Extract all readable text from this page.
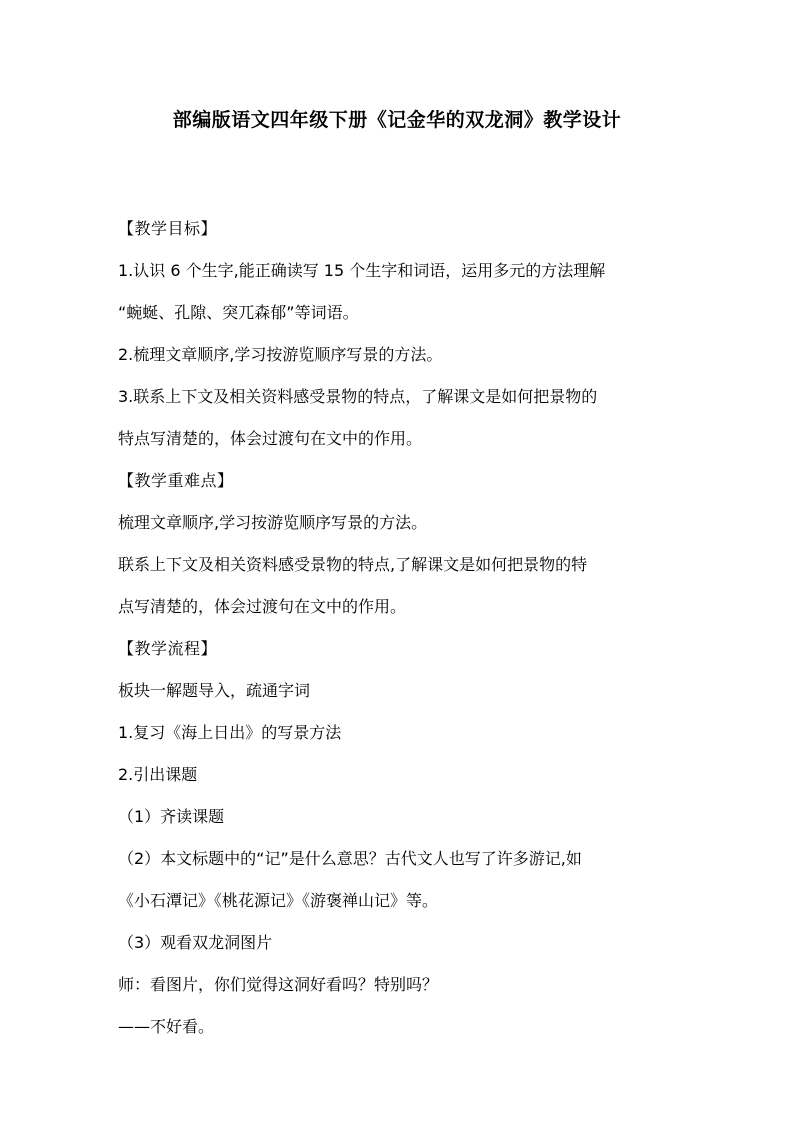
部编版语文四年级下册《记金华的双龙洞》教学设计

【教学目标】

1.认识 6 个生字,能正确读写 15 个生字和词语，运用多元的方法理解

“蜿蜒、孔隙、突兀森郁”等词语。

2.梳理文章顺序,学习按游览顺序写景的方法。

3.联系上下文及相关资料感受景物的特点，了解课文是如何把景物的

特点写清楚的，体会过渡句在文中的作用。

【教学重难点】

梳理文章顺序,学习按游览顺序写景的方法。

联系上下文及相关资料感受景物的特点,了解课文是如何把景物的特

点写清楚的，体会过渡句在文中的作用。

【教学流程】

板块一解题导入，疏通字词

1.复习《海上日出》的写景方法

2.引出课题

（1）齐读课题

（2）本文标题中的“记”是什么意思？古代文人也写了许多游记,如

《小石潭记》《桃花源记》《游褒禅山记》等。

（3）观看双龙洞图片

师：看图片，你们觉得这洞好看吗？特别吗？

——不好看。
